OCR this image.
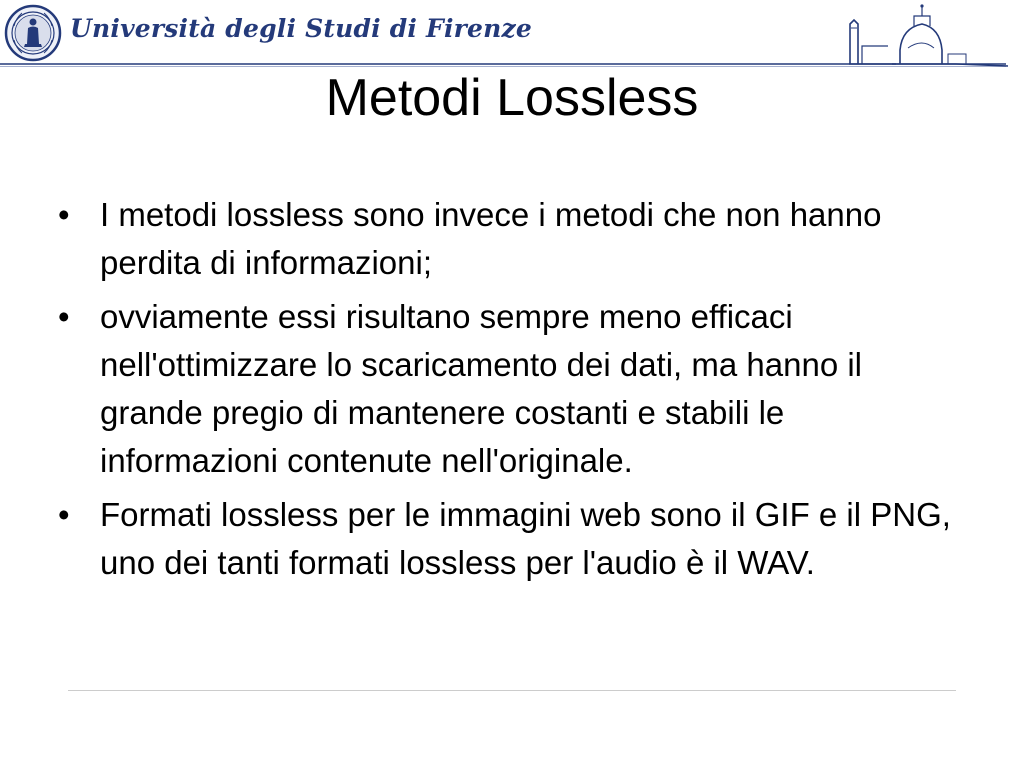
Università degli Studi di Firenze
Metodi Lossless
• I metodi lossless sono invece i metodi che non hanno perdita di informazioni;
• ovviamente essi risultano sempre meno efficaci nell'ottimizzare lo scaricamento dei dati, ma hanno il grande pregio di mantenere costanti e stabili le informazioni contenute nell'originale.
• Formati lossless per le immagini web sono il GIF e il PNG, uno dei tanti formati lossless per l'audio è il WAV.
